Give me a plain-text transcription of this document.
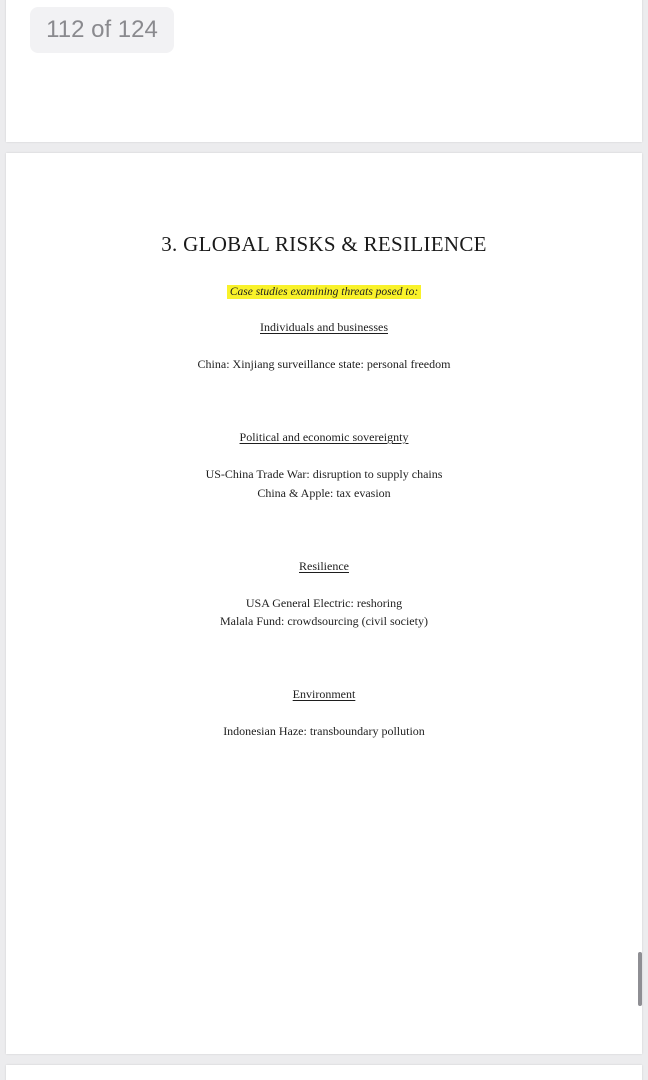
112 of 124
3. GLOBAL RISKS & RESILIENCE
Case studies examining threats posed to:
Individuals and businesses
China: Xinjiang surveillance state: personal freedom
Political and economic sovereignty
US-China Trade War: disruption to supply chains
China & Apple: tax evasion
Resilience
USA General Electric: reshoring
Malala Fund: crowdsourcing (civil society)
Environment
Indonesian Haze: transboundary pollution
